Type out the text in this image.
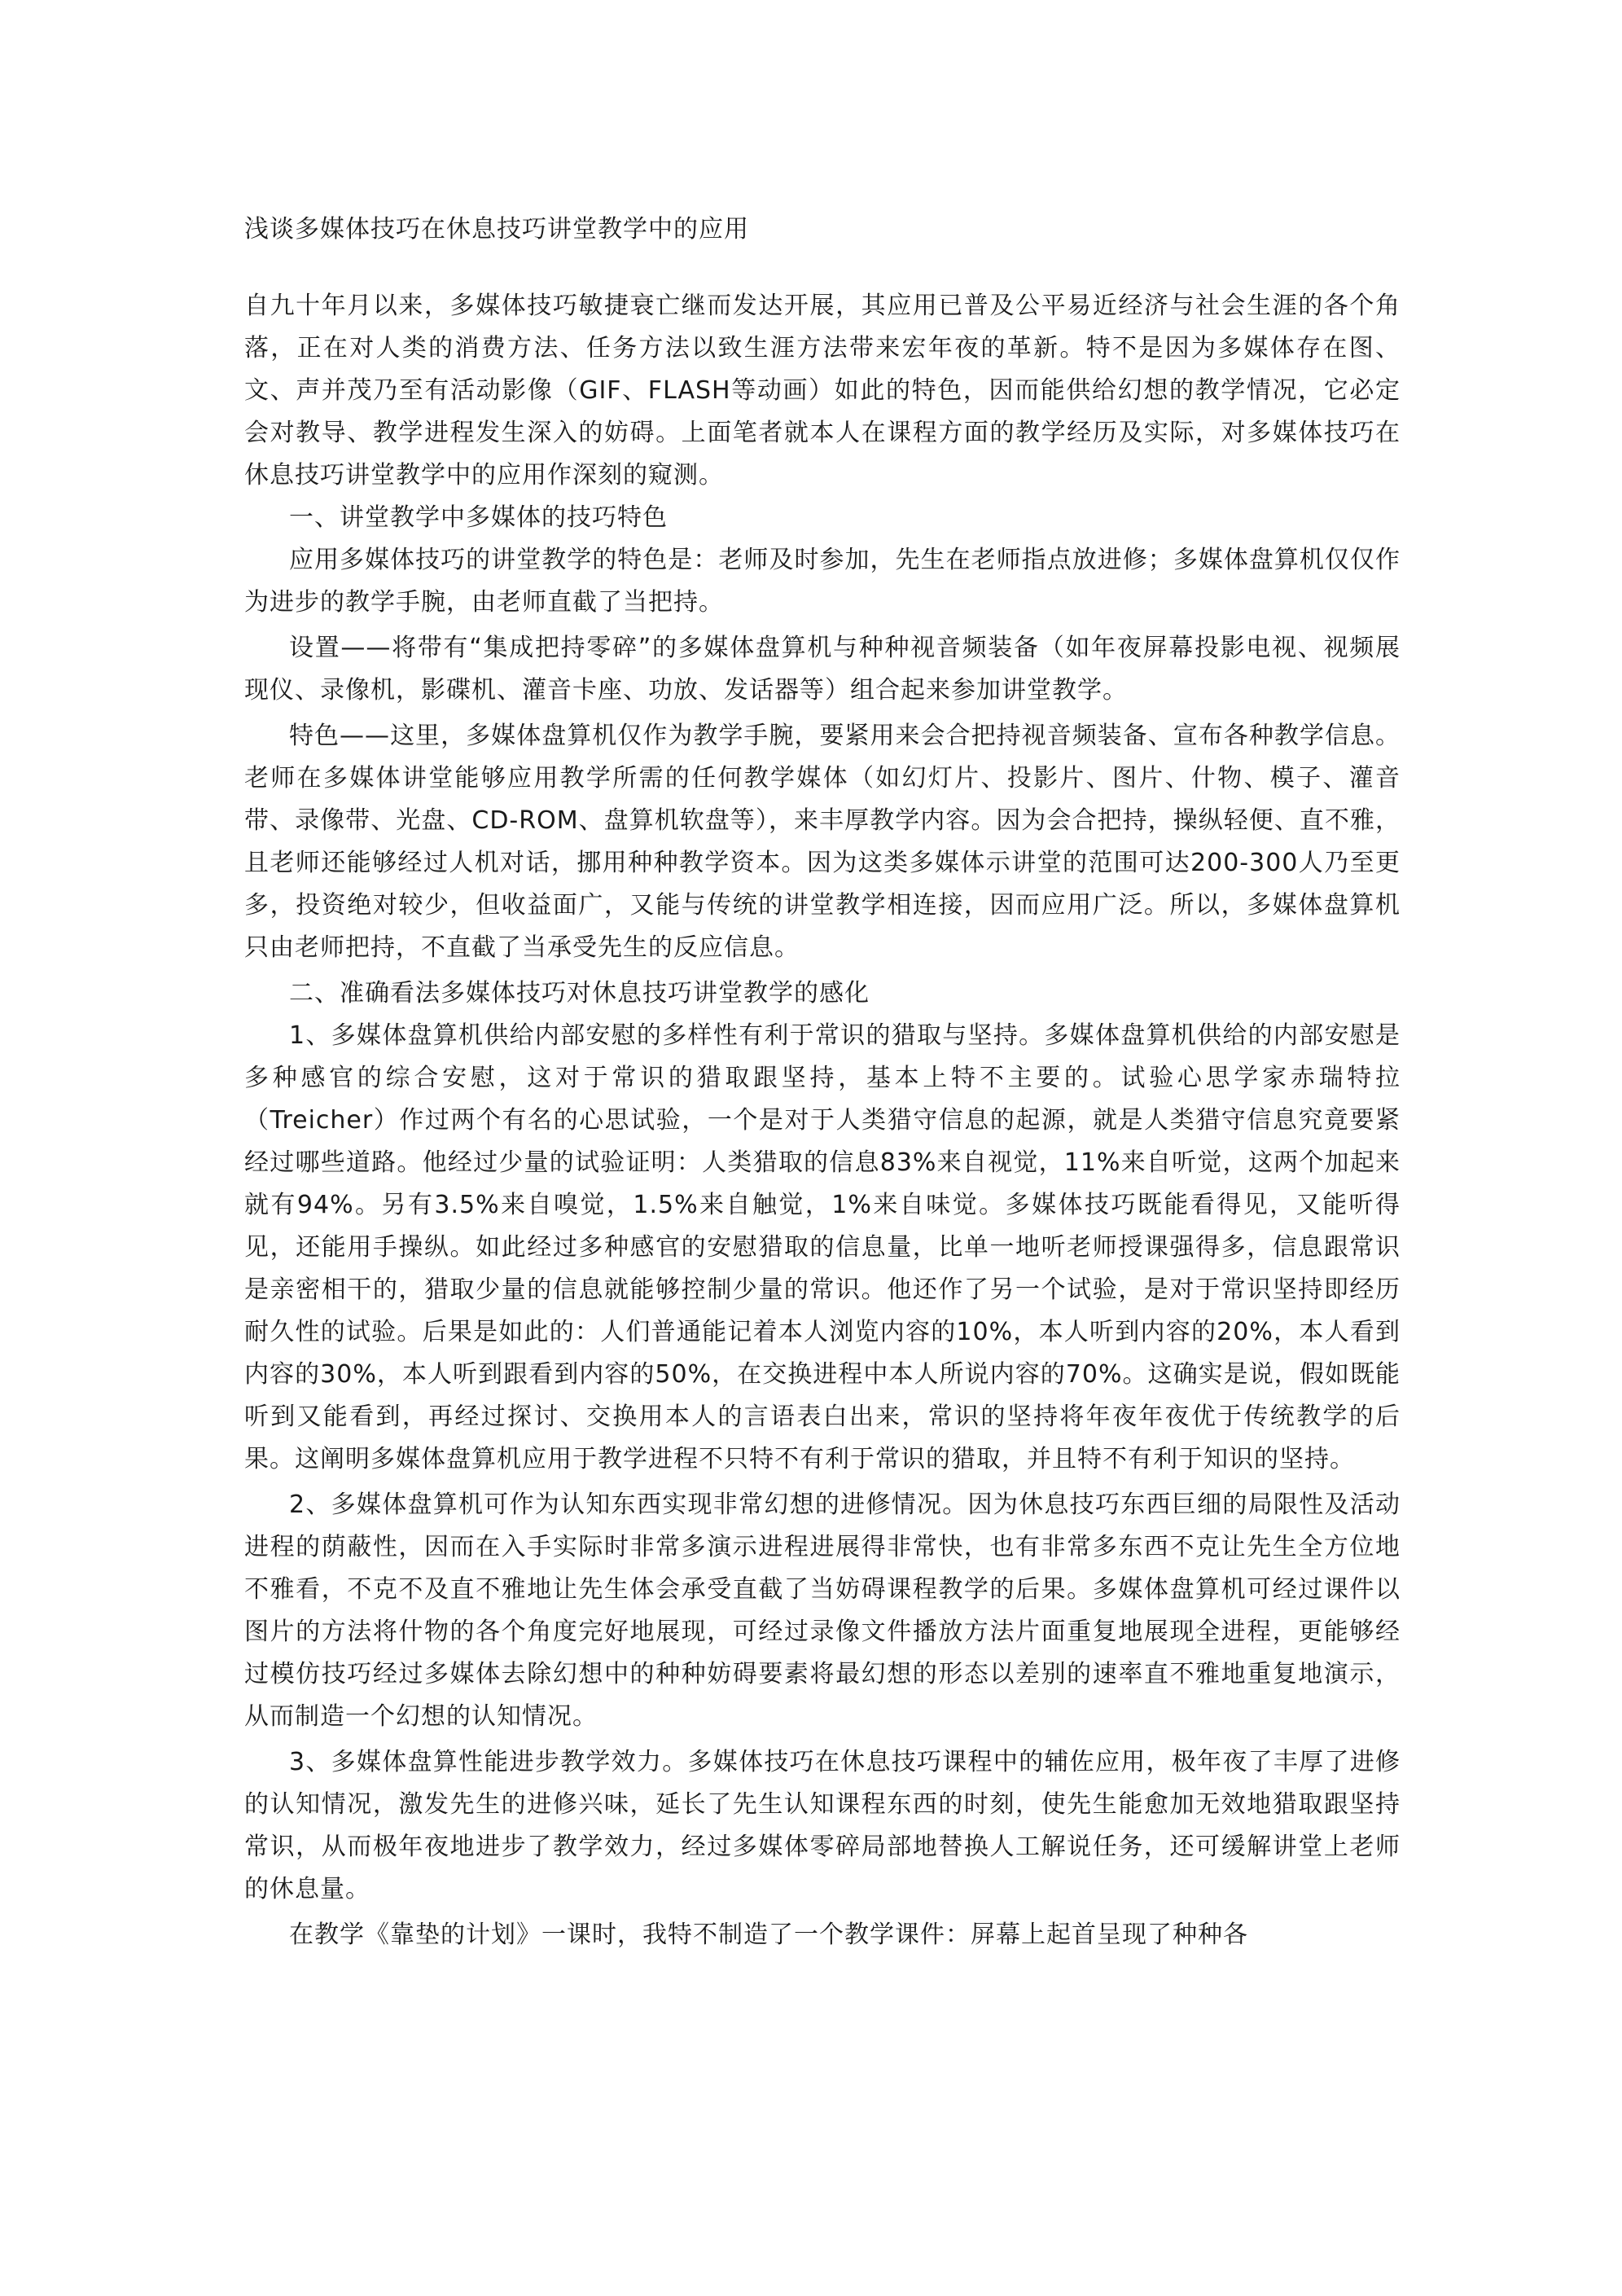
浅谈多媒体技巧在休息技巧讲堂教学中的应用

自九十年月以来，多媒体技巧敏捷衰亡继而发达开展，其应用已普及公平易近经济与社会生涯的各个角落，正在对人类的消费方法、任务方法以致生涯方法带来宏年夜的革新。特不是因为多媒体存在图、文、声并茂乃至有活动影像（GIF、FLASH等动画）如此的特色，因而能供给幻想的教学情况，它必定会对教导、教学进程发生深入的妨碍。上面笔者就本人在课程方面的教学经历及实际，对多媒体技巧在休息技巧讲堂教学中的应用作深刻的窥测。

一、讲堂教学中多媒体的技巧特色

应用多媒体技巧的讲堂教学的特色是：老师及时参加，先生在老师指点放进修；多媒体盘算机仅仅作为进步的教学手腕，由老师直截了当把持。

设置——将带有“集成把持零碎”的多媒体盘算机与种种视音频装备（如年夜屏幕投影电视、视频展现仪、录像机，影碟机、灌音卡座、功放、发话器等）组合起来参加讲堂教学。

特色——这里，多媒体盘算机仅作为教学手腕，要紧用来会合把持视音频装备、宣布各种教学信息。老师在多媒体讲堂能够应用教学所需的任何教学媒体（如幻灯片、投影片、图片、什物、模子、灌音带、录像带、光盘、CD-ROM、盘算机软盘等），来丰厚教学内容。因为会合把持，操纵轻便、直不雅，且老师还能够经过人机对话，挪用种种教学资本。因为这类多媒体示讲堂的范围可达200-300人乃至更多，投资绝对较少，但收益面广，又能与传统的讲堂教学相连接，因而应用广泛。所以，多媒体盘算机只由老师把持，不直截了当承受先生的反应信息。

二、准确看法多媒体技巧对休息技巧讲堂教学的感化

1、多媒体盘算机供给内部安慰的多样性有利于常识的猎取与坚持。多媒体盘算机供给的内部安慰是多种感官的综合安慰，这对于常识的猎取跟坚持，基本上特不主要的。试验心思学家赤瑞特拉（Treicher）作过两个有名的心思试验，一个是对于人类猎守信息的起源，就是人类猎守信息究竟要紧经过哪些道路。他经过少量的试验证明：人类猎取的信息83%来自视觉，11%来自听觉，这两个加起来就有94%。另有3.5%来自嗅觉，1.5%来自触觉，1%来自味觉。多媒体技巧既能看得见，又能听得见，还能用手操纵。如此经过多种感官的安慰猎取的信息量，比单一地听老师授课强得多，信息跟常识是亲密相干的，猎取少量的信息就能够控制少量的常识。他还作了另一个试验，是对于常识坚持即经历耐久性的试验。后果是如此的：人们普通能记着本人浏览内容的10%，本人听到内容的20%，本人看到内容的30%，本人听到跟看到内容的50%，在交换进程中本人所说内容的70%。这确实是说，假如既能听到又能看到，再经过探讨、交换用本人的言语表白出来，常识的坚持将年夜年夜优于传统教学的后果。这阐明多媒体盘算机应用于教学进程不只特不有利于常识的猎取，并且特不有利于知识的坚持。

2、多媒体盘算机可作为认知东西实现非常幻想的进修情况。因为休息技巧东西巨细的局限性及活动进程的荫蔽性，因而在入手实际时非常多演示进程进展得非常快，也有非常多东西不克让先生全方位地不雅看，不克不及直不雅地让先生体会承受直截了当妨碍课程教学的后果。多媒体盘算机可经过课件以图片的方法将什物的各个角度完好地展现，可经过录像文件播放方法片面重复地展现全进程，更能够经过模仿技巧经过多媒体去除幻想中的种种妨碍要素将最幻想的形态以差别的速率直不雅地重复地演示，从而制造一个幻想的认知情况。

3、多媒体盘算性能进步教学效力。多媒体技巧在休息技巧课程中的辅佐应用，极年夜了丰厚了进修的认知情况，激发先生的进修兴味，延长了先生认知课程东西的时刻，使先生能愈加无效地猎取跟坚持常识，从而极年夜地进步了教学效力，经过多媒体零碎局部地替换人工解说任务，还可缓解讲堂上老师的休息量。

在教学《靠垫的计划》一课时，我特不制造了一个教学课件：屏幕上起首呈现了种种各
